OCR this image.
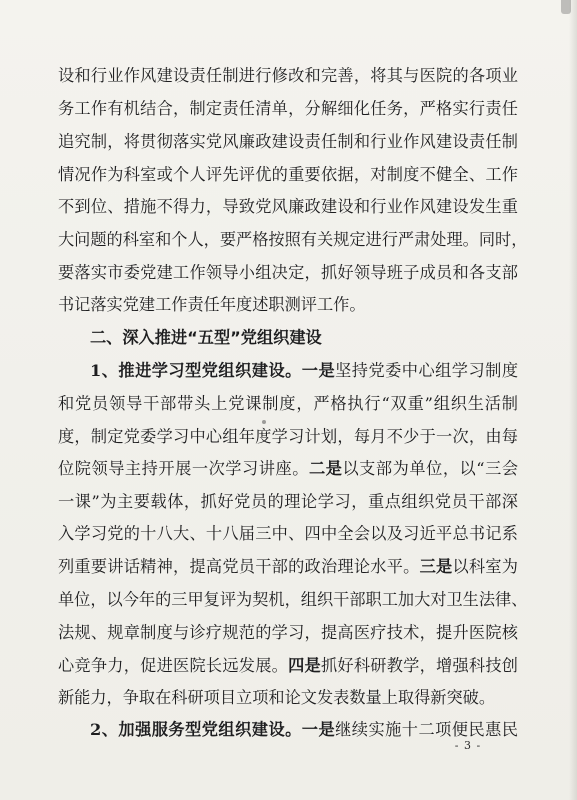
设和行业作风建设责任制进行修改和完善，将其与医院的各项业
务工作有机结合，制定责任清单，分解细化任务，严格实行责任
追究制，将贯彻落实党风廉政建设责任制和行业作风建设责任制
情况作为科室或个人评先评优的重要依据，对制度不健全、工作
不到位、措施不得力，导致党风廉政建设和行业作风建设发生重
大问题的科室和个人，要严格按照有关规定进行严肃处理。同时，
要落实市委党建工作领导小组决定，抓好领导班子成员和各支部
书记落实党建工作责任年度述职测评工作。
二、深入推进“五型”党组织建设
1、推进学习型党组织建设。一是坚持党委中心组学习制度
和党员领导干部带头上党课制度，严格执行“双重”组织生活制
度，制定党委学习中心组年度学习计划，每月不少于一次，由每
位院领导主持开展一次学习讲座。二是以支部为单位，以“三会
一课”为主要载体，抓好党员的理论学习，重点组织党员干部深
入学习党的十八大、十八届三中、四中全会以及习近平总书记系
列重要讲话精神，提高党员干部的政治理论水平。三是以科室为
单位，以今年的三甲复评为契机，组织干部职工加大对卫生法律、
法规、规章制度与诊疗规范的学习，提高医疗技术，提升医院核
心竞争力，促进医院长远发展。四是抓好科研教学，增强科技创
新能力，争取在科研项目立项和论文发表数量上取得新突破。
2、加强服务型党组织建设。一是继续实施十二项便民惠民
- 3 -
